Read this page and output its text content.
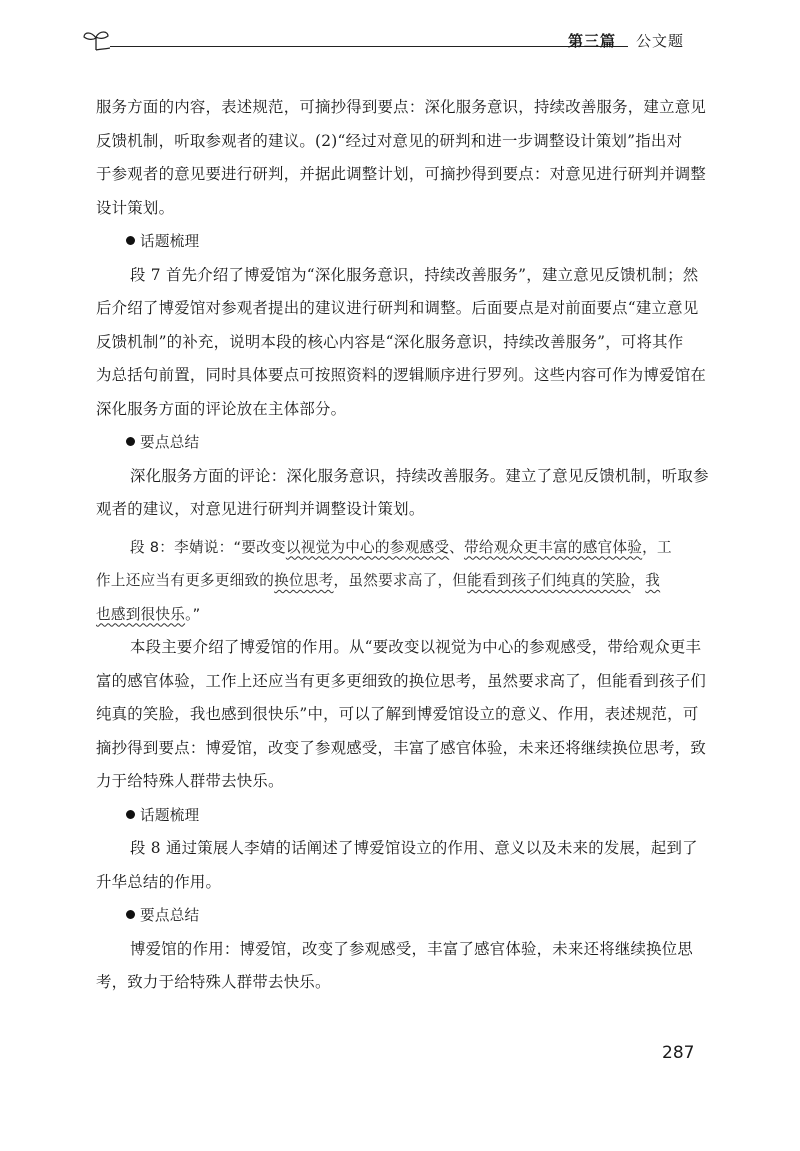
第三篇 公文题
服务方面的内容，表述规范，可摘抄得到要点：深化服务意识，持续改善服务，建立意见
反馈机制，听取参观者的建议。(2)“经过对意见的研判和进一步调整设计策划”指出对
于参观者的意见要进行研判，并据此调整计划，可摘抄得到要点：对意见进行研判并调整
设计策划。
话题梳理
段 7 首先介绍了博爱馆为“深化服务意识，持续改善服务”，建立意见反馈机制；然
后介绍了博爱馆对参观者提出的建议进行研判和调整。后面要点是对前面要点“建立意见
反馈机制”的补充，说明本段的核心内容是“深化服务意识，持续改善服务”，可将其作
为总括句前置，同时具体要点可按照资料的逻辑顺序进行罗列。这些内容可作为博爱馆在
深化服务方面的评论放在主体部分。
要点总结
深化服务方面的评论：深化服务意识，持续改善服务。建立了意见反馈机制，听取参
观者的建议，对意见进行研判并调整设计策划。
段 8：李婧说：“要改变以视觉为中心的参观感受、带给观众更丰富的感官体验，工
作上还应当有更多更细致的换位思考，虽然要求高了，但能看到孩子们纯真的笑脸，我
也感到很快乐。”
本段主要介绍了博爱馆的作用。从“要改变以视觉为中心的参观感受，带给观众更丰
富的感官体验，工作上还应当有更多更细致的换位思考，虽然要求高了，但能看到孩子们
纯真的笑脸，我也感到很快乐”中，可以了解到博爱馆设立的意义、作用，表述规范，可
摘抄得到要点：博爱馆，改变了参观感受，丰富了感官体验，未来还将继续换位思考，致
力于给特殊人群带去快乐。
话题梳理
段 8 通过策展人李婧的话阐述了博爱馆设立的作用、意义以及未来的发展，起到了
升华总结的作用。
要点总结
博爱馆的作用：博爱馆，改变了参观感受，丰富了感官体验，未来还将继续换位思
考，致力于给特殊人群带去快乐。
287
